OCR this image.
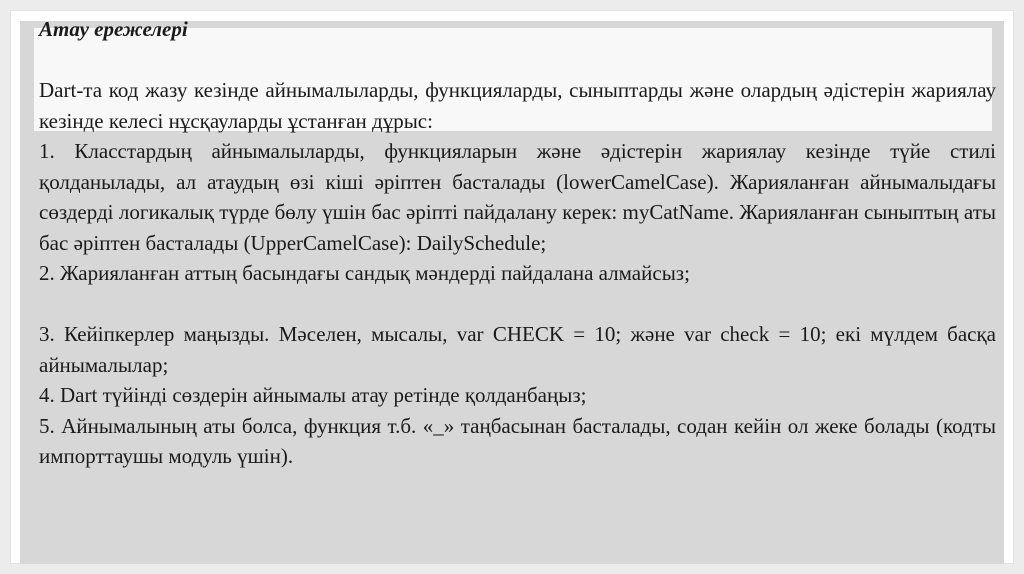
Атау ережелері

Dart-та код жазу кезінде айнымалыларды, функцияларды, сыныптарды және олардың әдістерін жариялау кезінде келесі нұсқауларды ұстанған дұрыс:

1. Класстардың айнымалыларды, функцияларын және әдістерін жариялау кезінде түйе стилі қолданылады, ал атаудың өзі кіші әріптен басталады (lowerCamelCase). Жарияланған айнымалыдағы сөздерді логикалық түрде бөлу үшін бас әріпті пайдалану керек: myCatName. Жарияланған сыныптың аты бас әріптен басталады (UpperCamelCase): DailySchedule;

2. Жарияланған аттың басындағы сандық мәндерді пайдалана алмайсыз;

3. Кейіпкерлер маңызды. Мәселен, мысалы, var CHECK = 10; және var check = 10; екі мүлдем басқа айнымалылар;

4. Dart түйінді сөздерін айнымалы атау ретінде қолданбаңыз;

5. Айнымалының аты болса, функция т.б. «_» таңбасынан басталады, содан кейін ол жеке болады (кодты импорттаушы модуль үшін).
